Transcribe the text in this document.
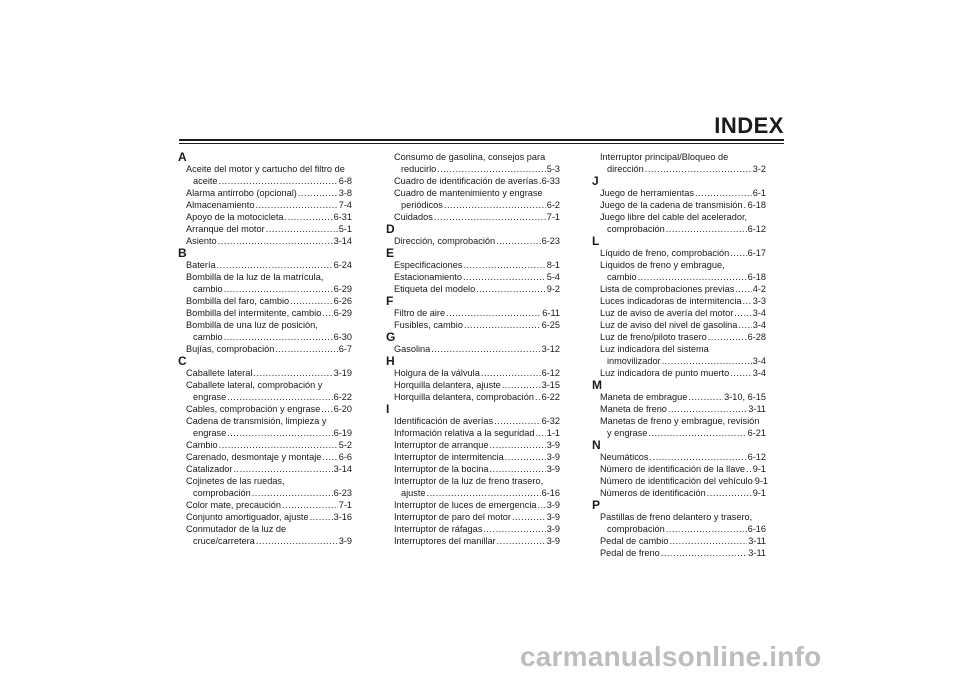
INDEX
A
Aceite del motor y cartucho del filtro de
aceite .....	6-8
Alarma antirrobo (opcional) .....	3-8
Almacenamiento .....	7-4
Apoyo de la motocicleta .....	6-31
Arranque del motor .....	5-1
Asiento .....	3-14
B
Batería .....	6-24
Bombilla de la luz de la matrícula,
cambio .....	6-29
Bombilla del faro, cambio .....	6-26
Bombilla del intermitente, cambio ..... 6-29
Bombilla de una luz de posición,
cambio .....	6-30
Bujías, comprobación .....	6-7
C
Caballete lateral .....	3-19
Caballete lateral, comprobación y
engrase .....	6-22
Cables, comprobación y engrase ..... 6-20
Cadena de transmisión, limpieza y
engrase .....	6-19
Cambio .....	5-2
Carenado, desmontaje y montaje ..... 6-6
Catalizador .....	3-14
Cojinetes de las ruedas,
comprobación .....	6-23
Color mate, precaución .....	7-1
Conjunto amortiguador, ajuste .....	3-16
Conmutador de la luz de
cruce/carretera .....	3-9
Consumo de gasolina, consejos para
reducirlo .....	5-3
Cuadro de identificación de averías ..... 6-33
Cuadro de mantenimiento y engrase
periódicos .....	6-2
Cuidados .....	7-1
D
Dirección, comprobación .....	6-23
E
Especificaciones .....	8-1
Estacionamiento .....	5-4
Etiqueta del modelo .....	9-2
F
Filtro de aire .....	6-11
Fusibles, cambio .....	6-25
G
Gasolina .....	3-12
H
Holgura de la válvula .....	6-12
Horquilla delantera, ajuste .....	3-15
Horquilla delantera, comprobación ..... 6-22
I
Identificación de averías .....	6-32
Información relativa a la seguridad ..... 1-1
Interruptor de arranque .....	3-9
Interruptor de intermitencia .....	3-9
Interruptor de la bocina .....	3-9
Interruptor de la luz de freno trasero,
ajuste .....	6-16
Interruptor de luces de emergencia ..... 3-9
Interruptor de paro del motor .....	3-9
Interruptor de ráfagas .....	3-9
Interruptores del manillar .....	3-9
Interruptor principal/Bloqueo de
dirección .....	3-2
J
Juego de herramientas .....	6-1
Juego de la cadena de transmisión ..... 6-18
Juego libre del cable del acelerador,
comprobación .....	6-12
L
Líquido de freno, comprobación ..... 6-17
Líquidos de freno y embrague,
cambio .....	6-18
Lista de comprobaciones previas ..... 4-2
Luces indicadoras de intermitencia ..... 3-3
Luz de aviso de avería del motor ..... 3-4
Luz de aviso del nivel de gasolina ..... 3-4
Luz de freno/piloto trasero .....	6-28
Luz indicadora del sistema
inmovilizador .....	3-4
Luz indicadora de punto muerto .....	3-4
M
Maneta de embrague .....	3-10, 6-15
Maneta de freno .....	3-11
Manetas de freno y embrague, revisión
y engrase .....	6-21
N
Neumáticos .....	6-12
Número de identificación de la llave ..... 9-1
Número de identificación del vehículo 9-1
Números de identificación .....	9-1
P
Pastillas de freno delantero y trasero,
comprobación .....	6-16
Pedal de cambio .....	3-11
Pedal de freno .....	3-11
carmanualsonline.info
